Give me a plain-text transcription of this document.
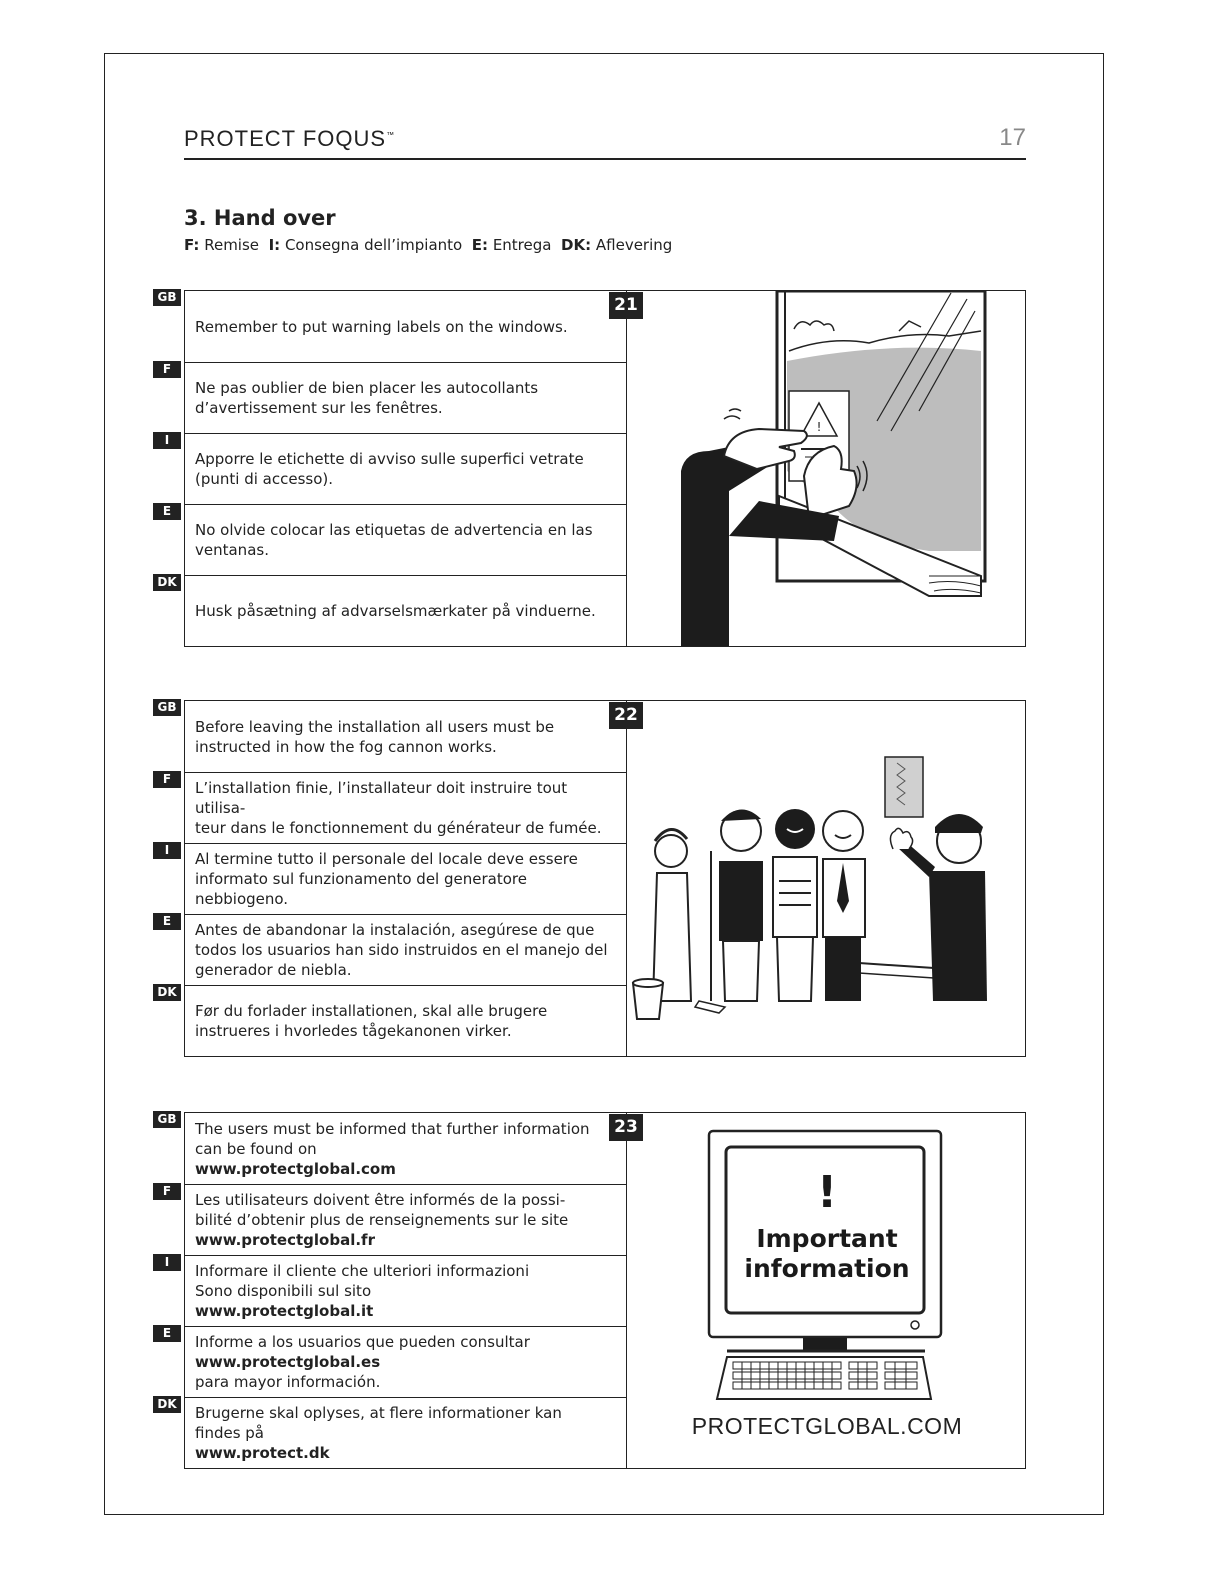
PROTECT FOQUS™	17
3. Hand over
F: Remise I: Consegna dell’impianto E: Entrega DK: Aflevering
GB
Remember to put warning labels on the windows.
F
Ne pas oublier de bien placer les autocollants
d’avertissement sur les fenêtres.
I
Apporre le etichette di avviso sulle superfici vetrate
(punti di accesso).
E
No olvide colocar las etiquetas de advertencia en las
ventanas.
DK
Husk påsætning af advarselsmærkater på vinduerne.
21
!
GB
Before leaving the installation all users must be
instructed in how the fog cannon works.
F	L’installation finie, l’installateur doit instruire tout utilisa-
teur dans le fonctionnement du générateur de fumée.
I	Al termine tutto il personale del locale deve essere
informato sul funzionamento del generatore nebbiogeno.
E	Antes de abandonar la instalación, asegúrese de que
todos los usuarios han sido instruidos en el manejo del
generador de niebla.
DK
Før du forlader installationen, skal alle brugere
instrueres i hvorledes tågekanonen virker.
22
GB
The users must be informed that further information
can be found on
www.protectglobal.com
F	Les utilisateurs doivent être informés de la possi-
bilité d’obtenir plus de renseignements sur le site
www.protectglobal.fr
I	Informare il cliente che ulteriori informazioni
Sono disponibili sul sito
www.protectglobal.it
E	Informe a los usuarios que pueden consultar
www.protectglobal.es
para mayor información.
DK Brugerne skal oplyses, at flere informationer kan
findes på
www.protect.dk
23
!
Important
information
PROTECTGLOBAL.COM
